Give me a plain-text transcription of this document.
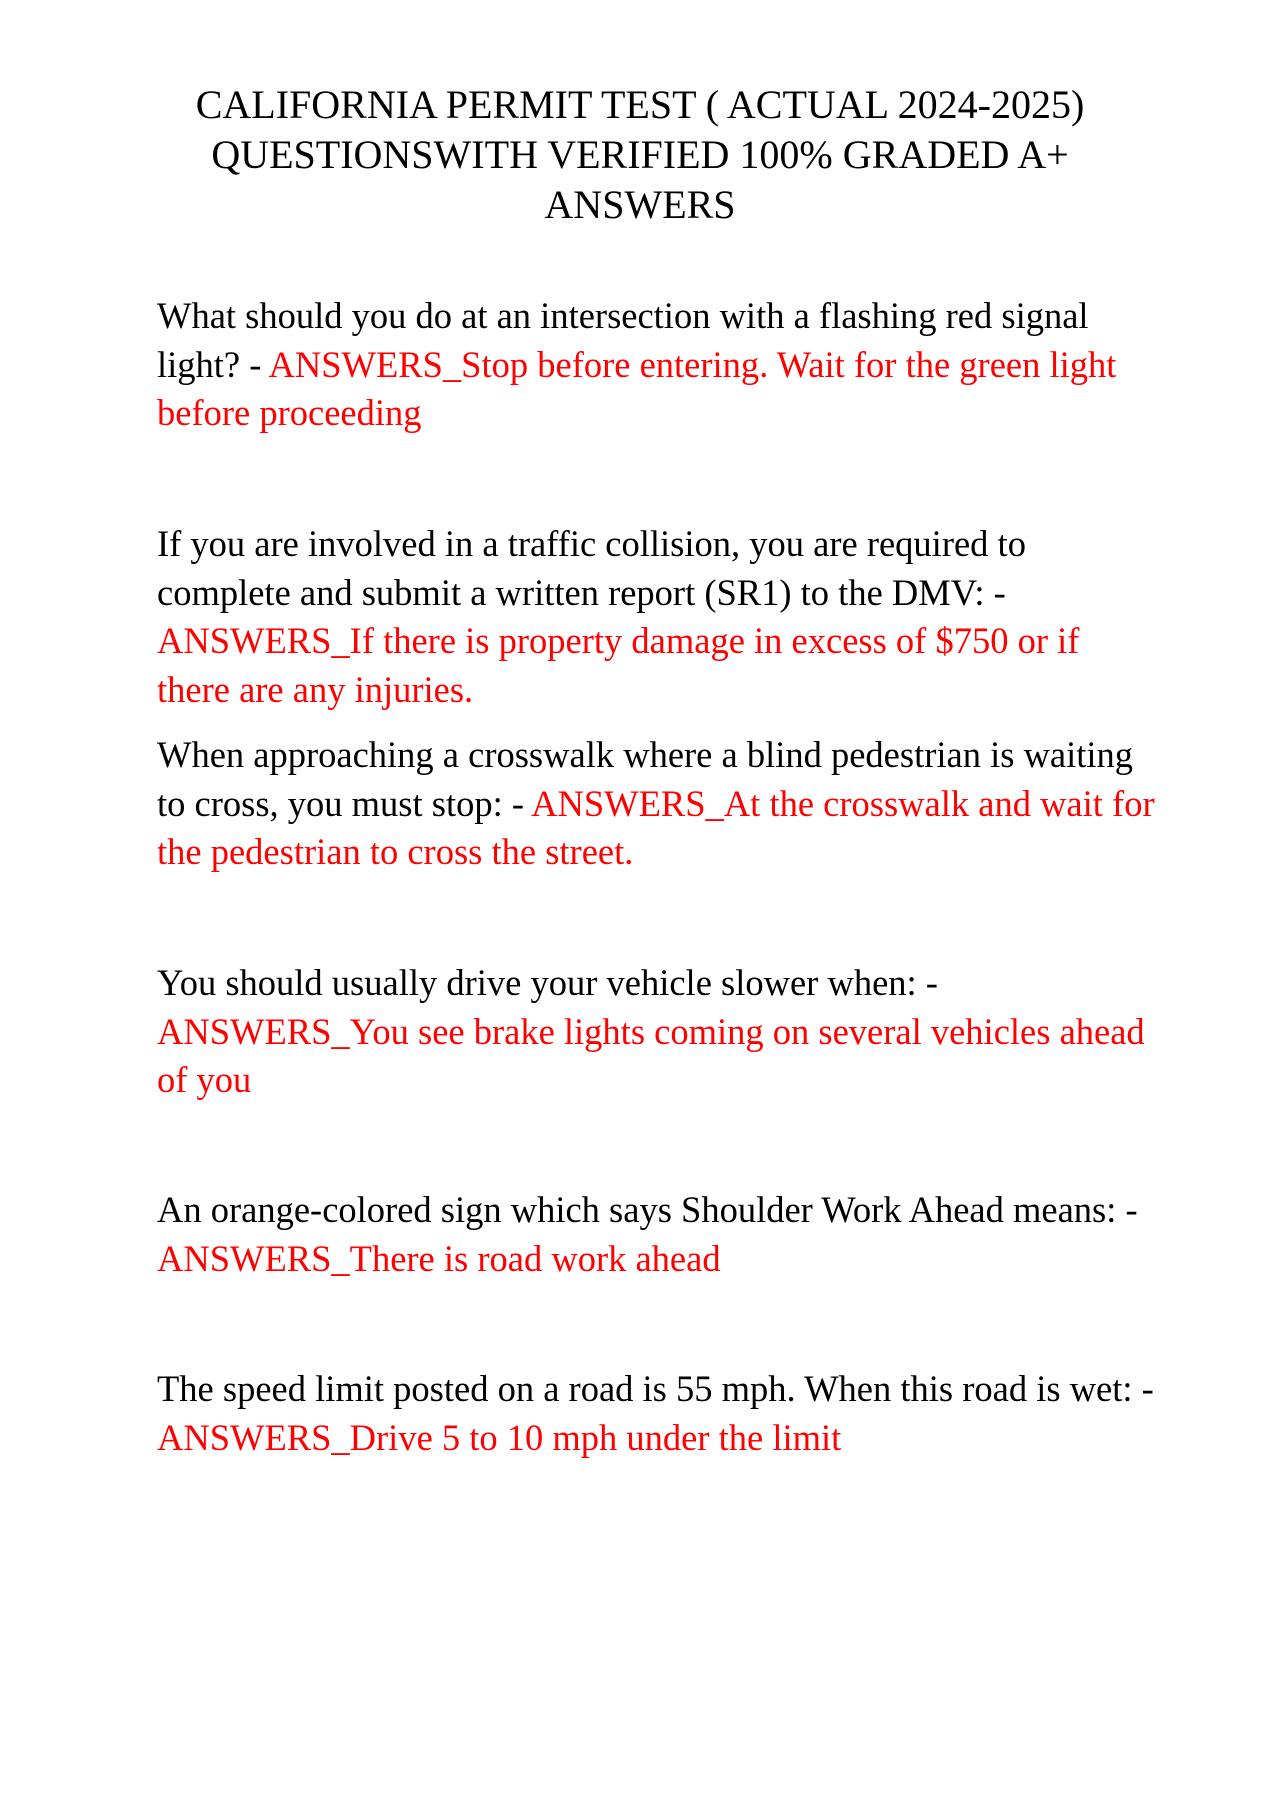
CALIFORNIA PERMIT TEST ( ACTUAL 2024-2025)
QUESTIONSWITH VERIFIED 100% GRADED A+
ANSWERS

What should you do at an intersection with a flashing red signal light? - ANSWERS_Stop before entering. Wait for the green light before proceeding

If you are involved in a traffic collision, you are required to complete and submit a written report (SR1) to the DMV: - ANSWERS_If there is property damage in excess of $750 or if there are any injuries.

When approaching a crosswalk where a blind pedestrian is waiting to cross, you must stop: - ANSWERS_At the crosswalk and wait for the pedestrian to cross the street.

You should usually drive your vehicle slower when: - ANSWERS_You see brake lights coming on several vehicles ahead of you

An orange-colored sign which says Shoulder Work Ahead means: - ANSWERS_There is road work ahead

The speed limit posted on a road is 55 mph. When this road is wet: - ANSWERS_Drive 5 to 10 mph under the limit
